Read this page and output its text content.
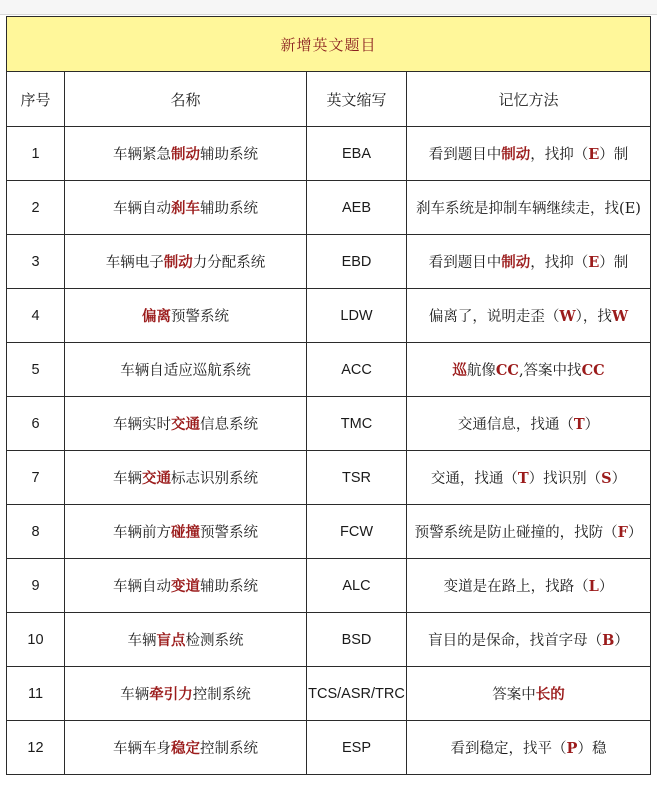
新增英文题目			
序号	名称	英文缩写	记忆方法
1	车辆紧急制动辅助系统	EBA	看到题目中制动，找抑（E）制
2	车辆自动刹车辅助系统	AEB	刹车系统是抑制车辆继续走，找(E)
3	车辆电子制动力分配系统	EBD	看到题目中制动，找抑（E）制
4	偏离预警系统	LDW	偏离了，说明走歪（W），找W
5	车辆自适应巡航系统	ACC	巡航像CC,答案中找CC
6	车辆实时交通信息系统	TMC	交通信息，找通（T）
7	车辆交通标志识别系统	TSR	交通，找通（T）找识别（S）
8	车辆前方碰撞预警系统	FCW	预警系统是防止碰撞的，找防（F）
9	车辆自动变道辅助系统	ALC	变道是在路上，找路（L）
10	车辆盲点检测系统	BSD	盲目的是保命，找首字母（B）
11	车辆牵引力控制系统	TCS/ASR/TRC	答案中长的
12	车辆车身稳定控制系统	ESP	看到稳定，找平（P）稳
